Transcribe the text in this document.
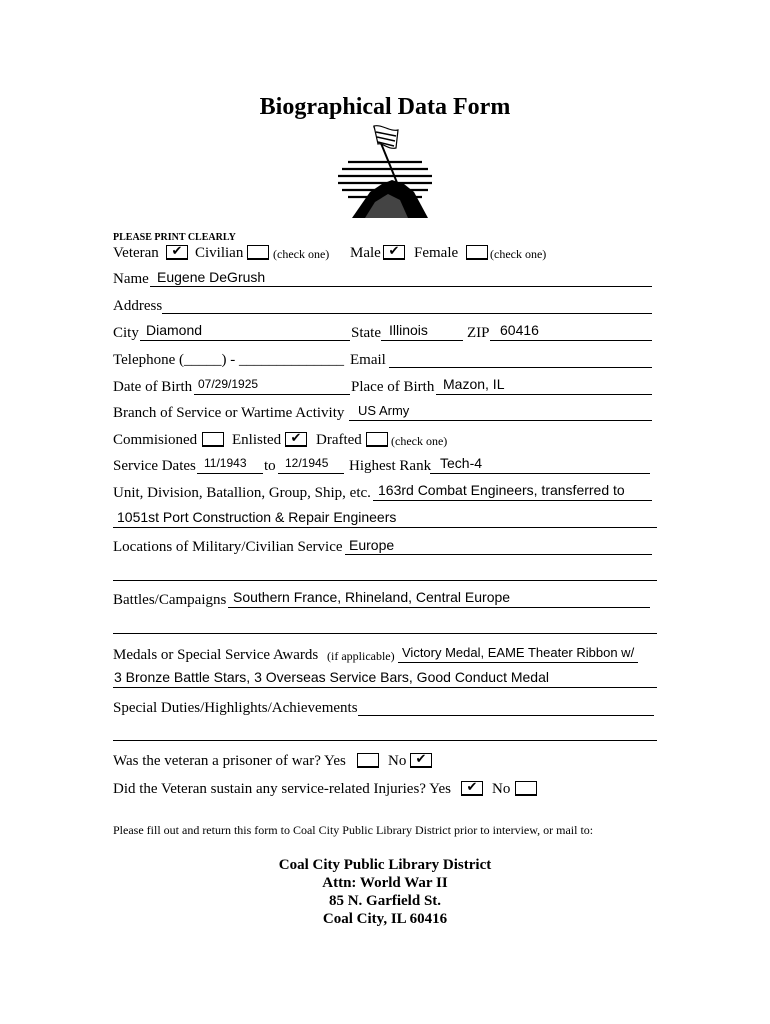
Biographical Data Form
PLEASE PRINT CLEARLY
Veteran ✔ Civilian (check one) Male ✔ Female	(check one)
Name Eugene DeGrush
Address
City Diamond	State Illinois	ZIP 60416
Telephone (_____) - ______________ Email
Date of Birth 07/29/1925	Place of Birth Mazon, IL
Branch of Service or Wartime Activity US Army
Commisioned Enlisted ✔ Drafted (check one)
Service Dates 11/1943 to 12/1945 Highest Rank Tech-4
Unit, Division, Batallion, Group, Ship, etc. 163rd Combat Engineers, transferred to
1051st Port Construction & Repair Engineers
Locations of Military/Civilian Service Europe
Battles/Campaigns Southern France, Rhineland, Central Europe
Medals or Special Service Awards (if applicable) Victory Medal, EAME Theater Ribbon w/
3 Bronze Battle Stars, 3 Overseas Service Bars, Good Conduct Medal
Special Duties/Highlights/Achievements
Was the veteran a prisoner of war? Yes	No ✔
Did the Veteran sustain any service-related Injuries? Yes	✔ No
Please fill out and return this form to Coal City Public Library District prior to interview, or mail to:
Coal City Public Library District
Attn: World War II
85 N. Garfield St.
Coal City, IL 60416
